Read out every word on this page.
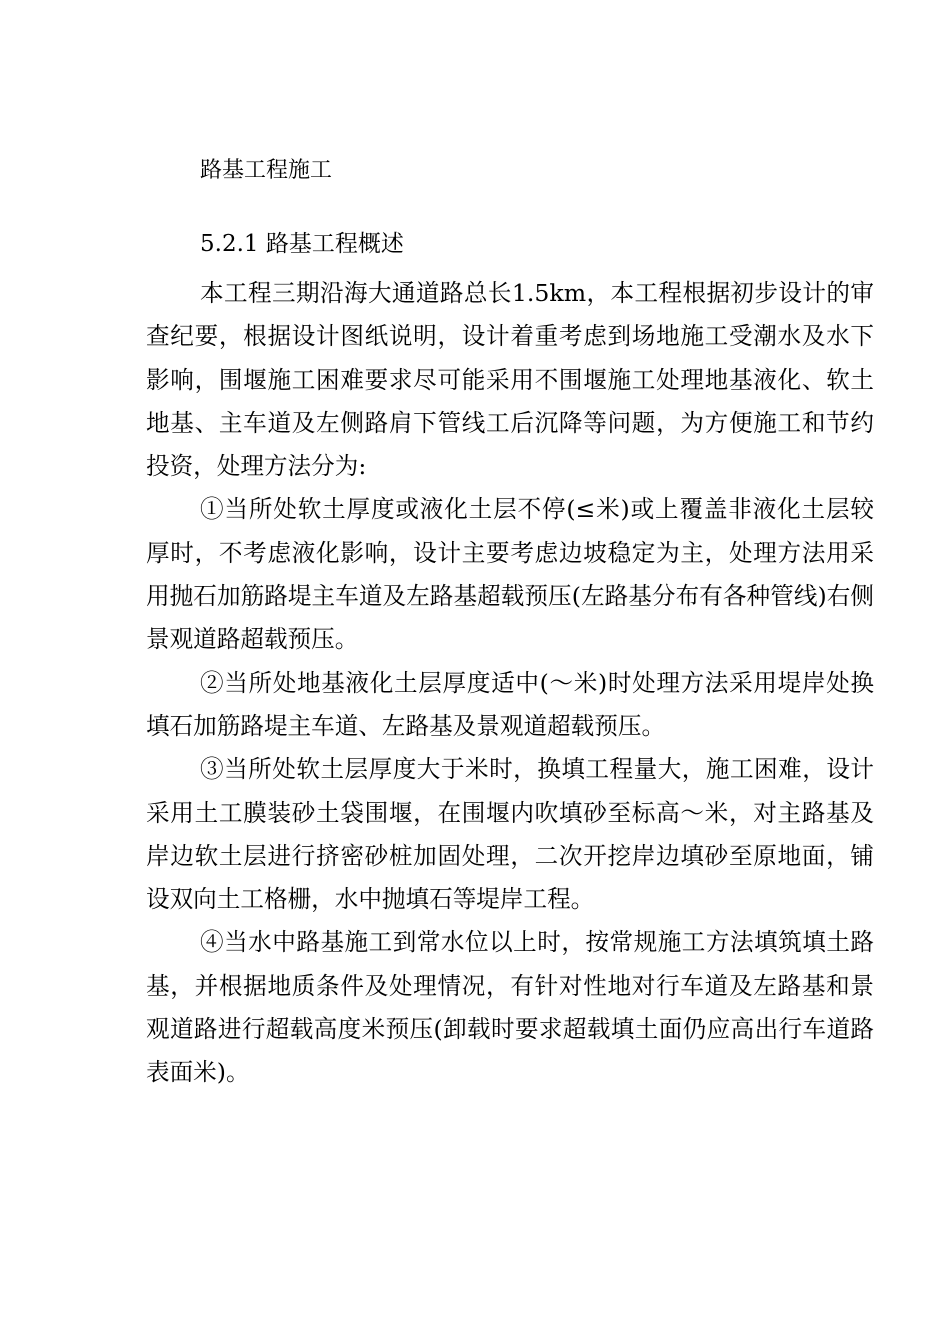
路基工程施工
5.2.1 路基工程概述

本工程三期沿海大通道路总长1.5km，本工程根据初步设计的审查纪要，根据设计图纸说明，设计着重考虑到场地施工受潮水及水下影响，围堰施工困难要求尽可能采用不围堰施工处理地基液化、软土地基、主车道及左侧路肩下管线工后沉降等问题，为方便施工和节约投资，处理方法分为:

①当所处软土厚度或液化土层不停(≤米)或上覆盖非液化土层较厚时，不考虑液化影响，设计主要考虑边坡稳定为主，处理方法用采用抛石加筋路堤主车道及左路基超载预压(左路基分布有各种管线)右侧景观道路超载预压。

②当所处地基液化土层厚度适中(～米)时处理方法采用堤岸处换填石加筋路堤主车道、左路基及景观道超载预压。

③当所处软土层厚度大于米时，换填工程量大，施工困难，设计采用土工膜装砂土袋围堰，在围堰内吹填砂至标高～米，对主路基及岸边软土层进行挤密砂桩加固处理，二次开挖岸边填砂至原地面，铺设双向土工格栅，水中抛填石等堤岸工程。

④当水中路基施工到常水位以上时，按常规施工方法填筑填土路基，并根据地质条件及处理情况，有针对性地对行车道及左路基和景观道路进行超载高度米预压(卸载时要求超载填土面仍应高出行车道路表面米)。
